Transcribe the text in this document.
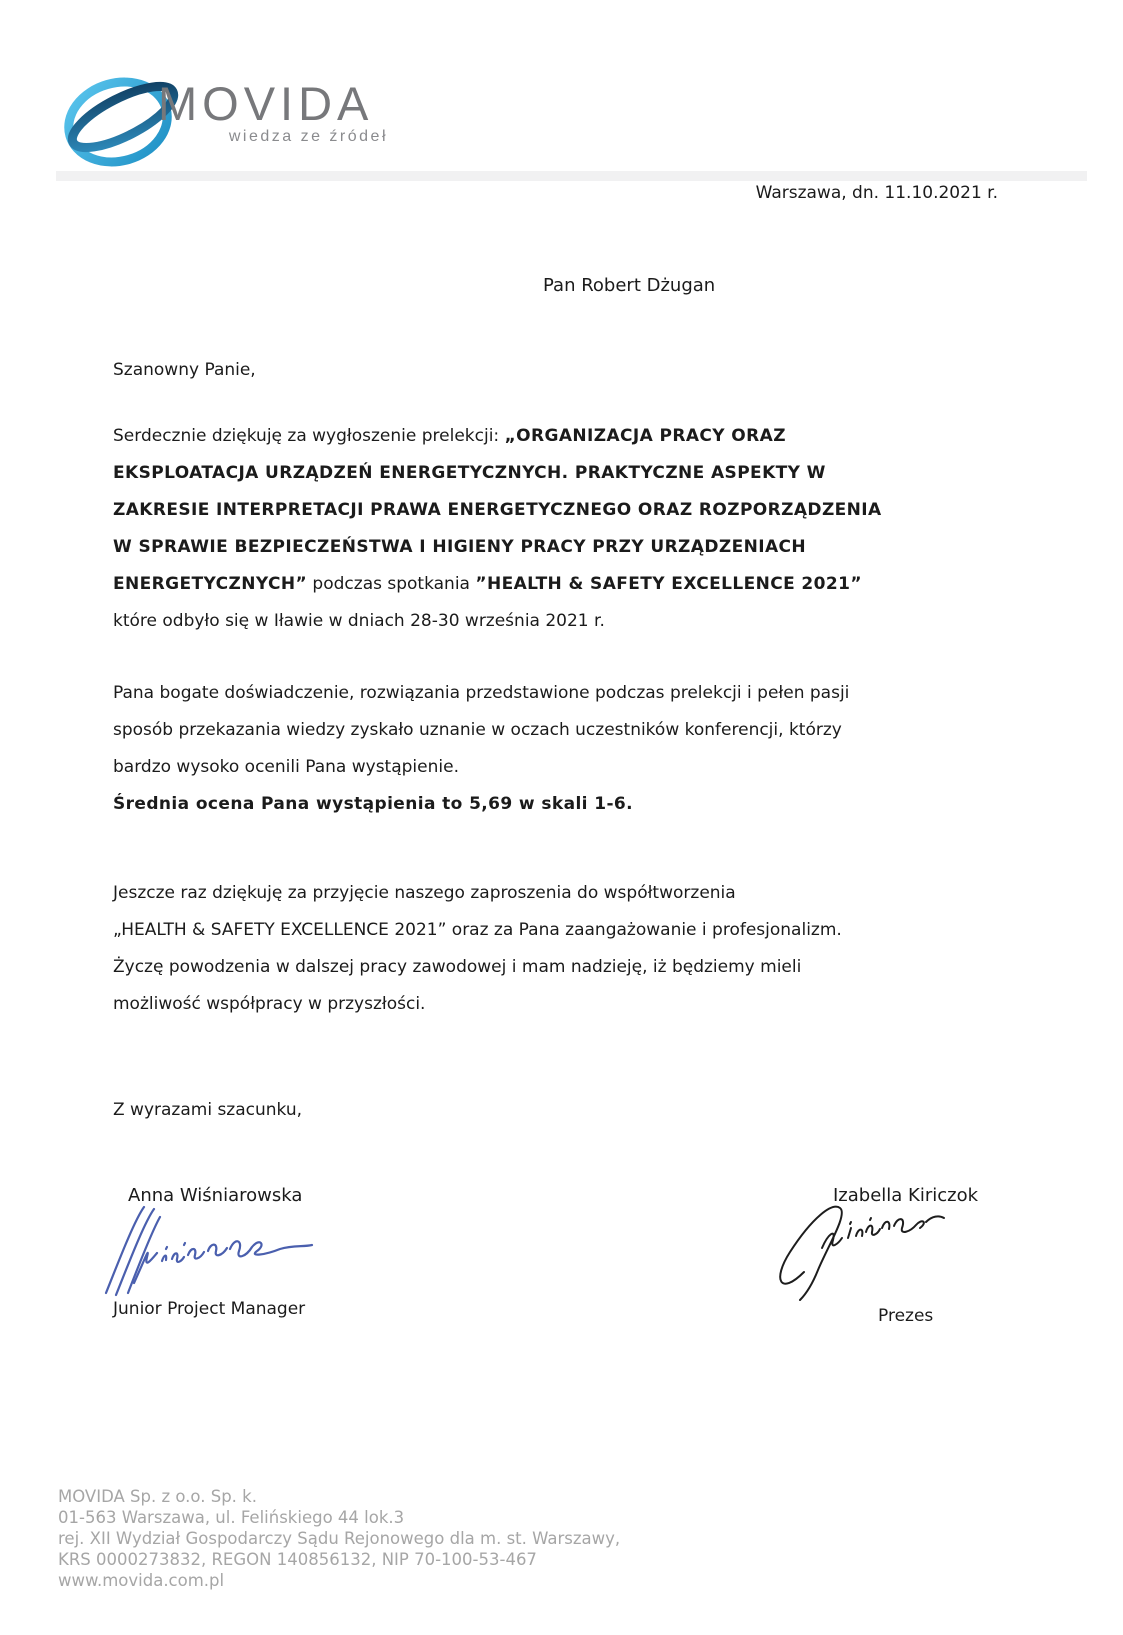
MOVIDA
wiedza ze źródeł
Warszawa, dn. 11.10.2021 r.
Pan Robert Dżugan
Szanowny Panie,
Serdecznie dziękuję za wygłoszenie prelekcji: „ORGANIZACJA PRACY ORAZ
EKSPLOATACJA URZĄDZEŃ ENERGETYCZNYCH. PRAKTYCZNE ASPEKTY W
ZAKRESIE INTERPRETACJI PRAWA ENERGETYCZNEGO ORAZ ROZPORZĄDZENIA
W SPRAWIE BEZPIECZEŃSTWA I HIGIENY PRACY PRZY URZĄDZENIACH
ENERGETYCZNYCH” podczas spotkania ”HEALTH & SAFETY EXCELLENCE 2021”
które odbyło się w Iławie w dniach 28-30 września 2021 r.
Pana bogate doświadczenie, rozwiązania przedstawione podczas prelekcji i pełen pasji
sposób przekazania wiedzy zyskało uznanie w oczach uczestników konferencji, którzy
bardzo wysoko ocenili Pana wystąpienie.
Średnia ocena Pana wystąpienia to 5,69 w skali 1-6.
Jeszcze raz dziękuję za przyjęcie naszego zaproszenia do współtworzenia
„HEALTH & SAFETY EXCELLENCE 2021” oraz za Pana zaangażowanie i profesjonalizm.
Życzę powodzenia w dalszej pracy zawodowej i mam nadzieję, iż będziemy mieli
możliwość współpracy w przyszłości.
Z wyrazami szacunku,
Anna Wiśniarowska
Junior Project Manager
Izabella Kiriczok
Prezes
MOVIDA Sp. z o.o. Sp. k.
01-563 Warszawa, ul. Felińskiego 44 lok.3
rej. XII Wydział Gospodarczy Sądu Rejonowego dla m. st. Warszawy,
KRS 0000273832, REGON 140856132, NIP 70-100-53-467
www.movida.com.pl
